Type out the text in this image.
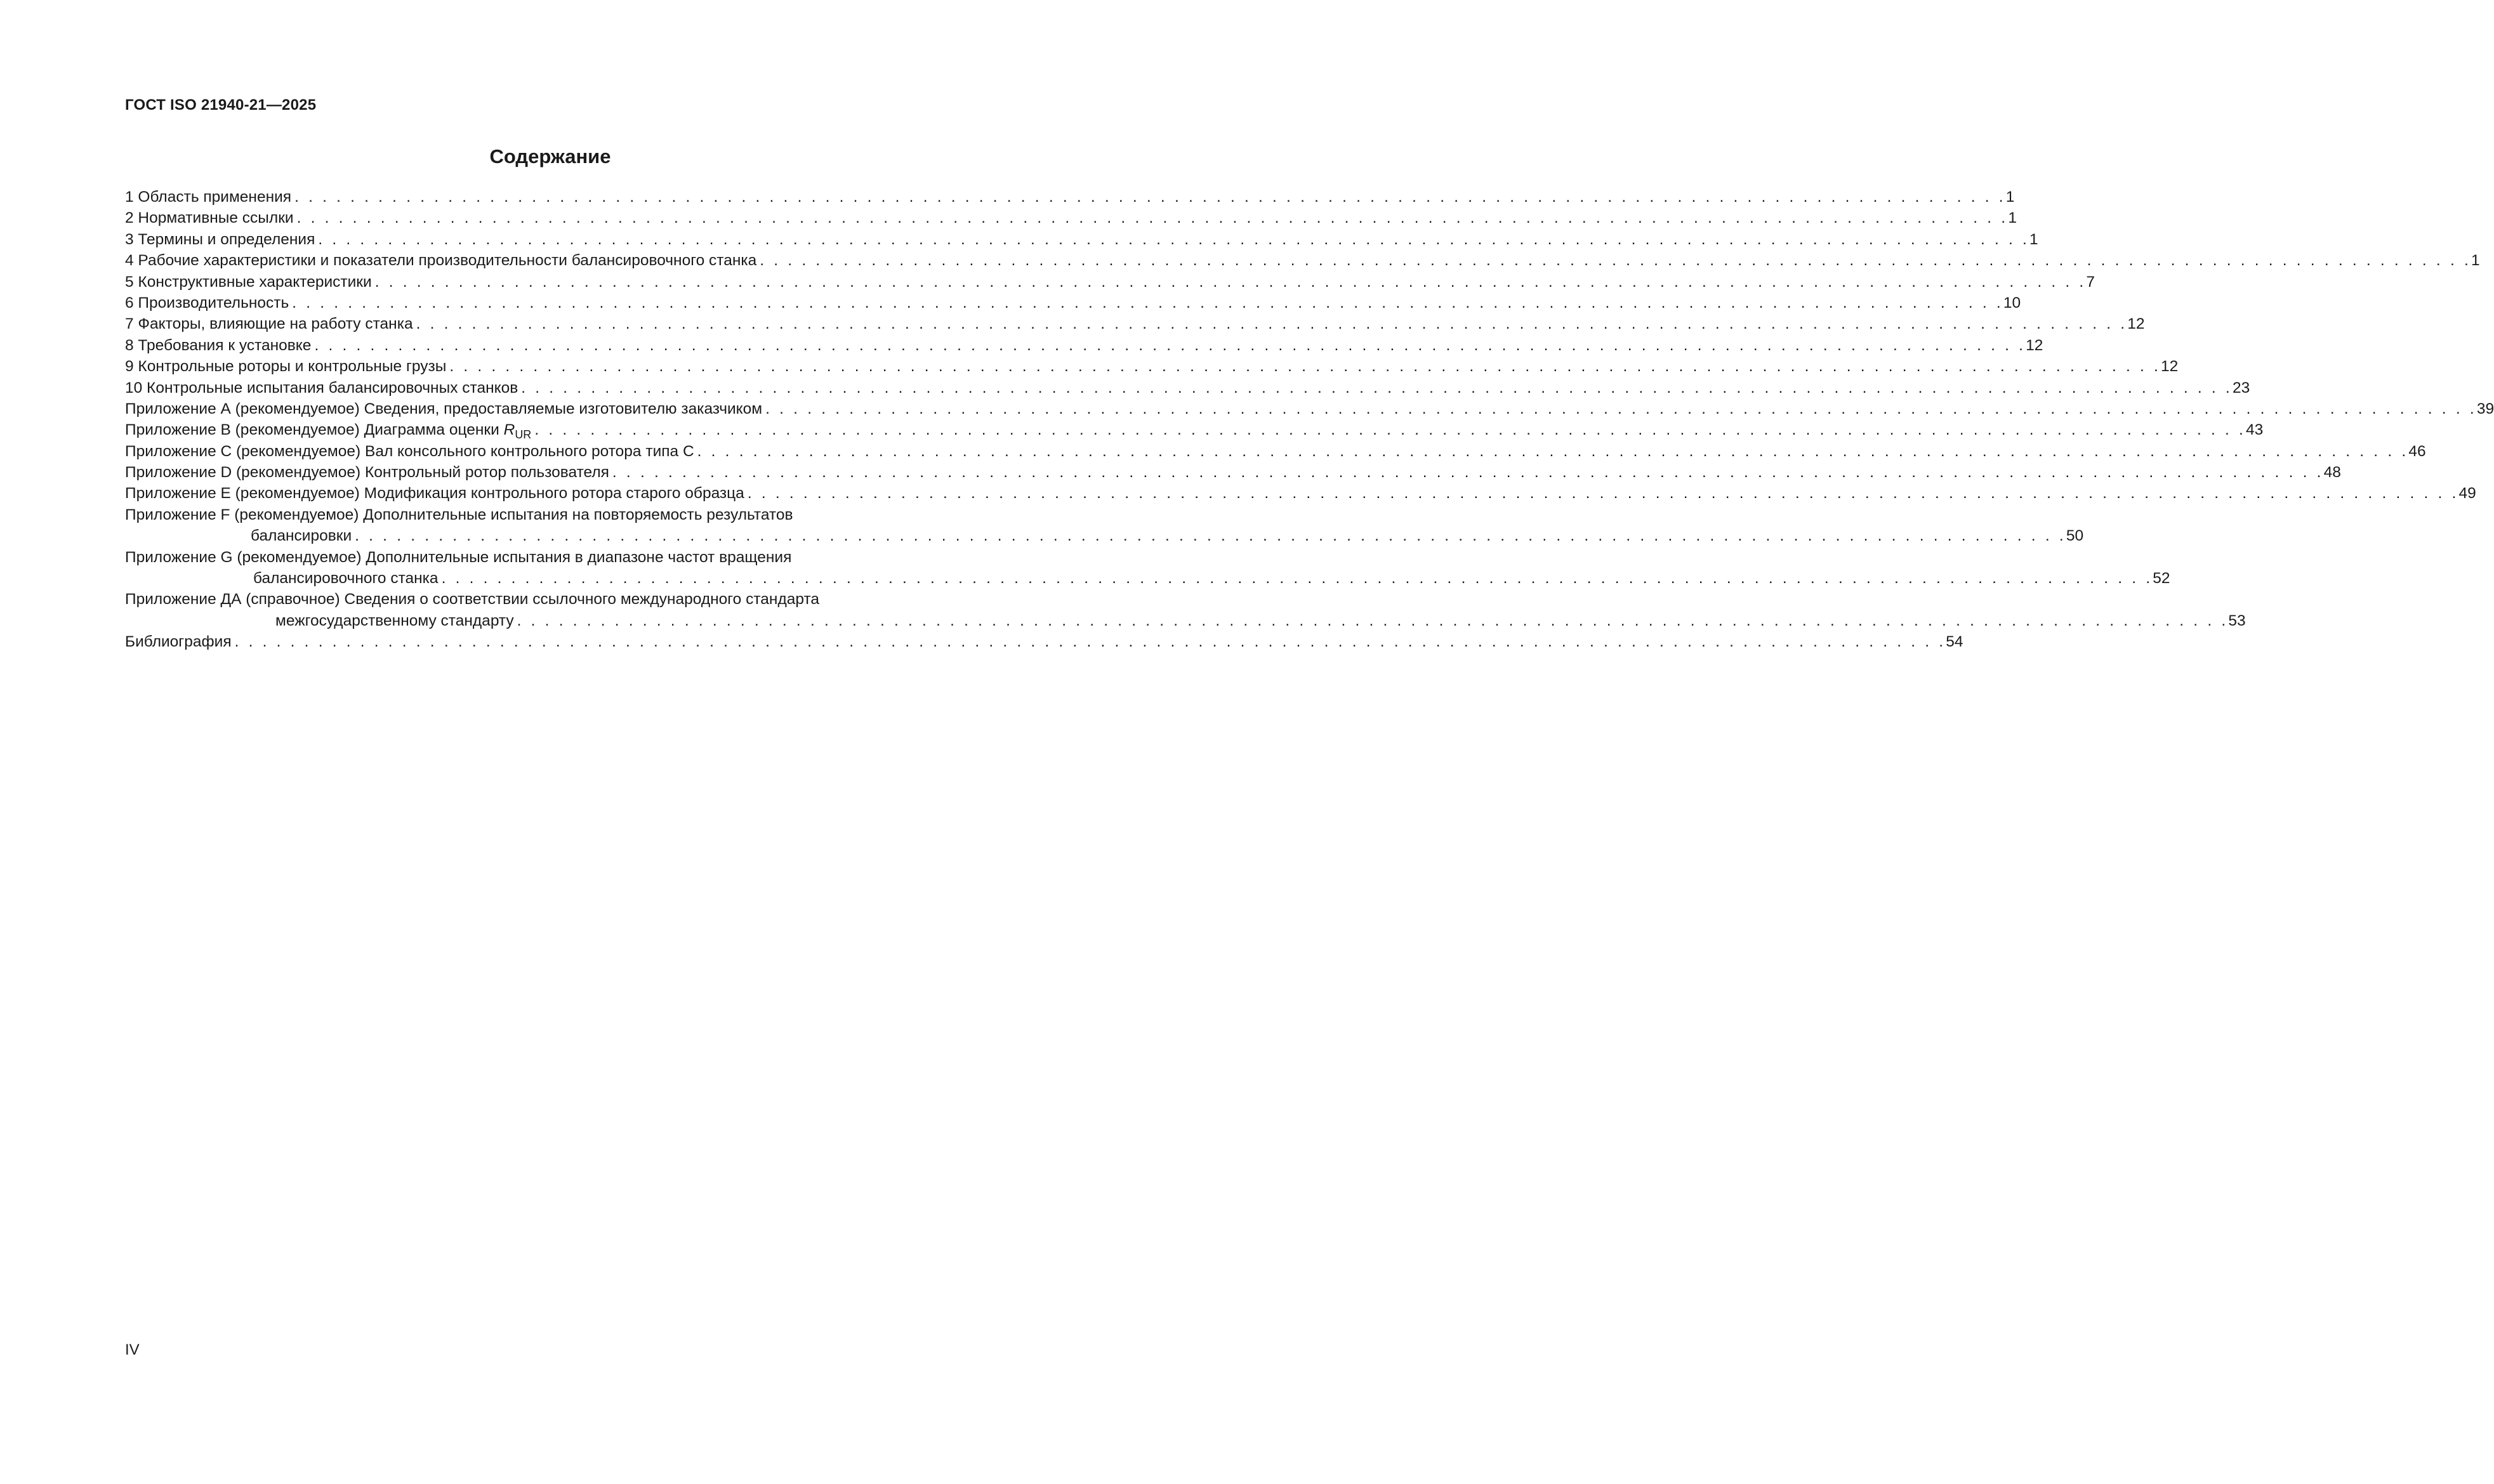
ГОСТ ISO 21940-21—2025
Содержание
1 Область применения . . . . . . . . . . . . . . . . . . . . . . . . . . . . . . . . . . . . . . . . . . . . . . . . . . . . . . . . . . . . . . . . . . . . . . . . . . . . . . . . . . . . . . . . . . . . . . . . . . . . . . . . . . . . . . . . . . . . . . . . . . . 1
2 Нормативные ссылки . . . . . . . . . . . . . . . . . . . . . . . . . . . . . . . . . . . . . . . . . . . . . . . . . . . . . . . . . . . . . . . . . . . . . . . . . . . . . . . . . . . . . . . . . . . . . . . . . . . . . . . . . . . . . . . . . . . . . . . . . . . 1
3 Термины и определения . . . . . . . . . . . . . . . . . . . . . . . . . . . . . . . . . . . . . . . . . . . . . . . . . . . . . . . . . . . . . . . . . . . . . . . . . . . . . . . . . . . . . . . . . . . . . . . . . . . . . . . . . . . . . . . . . . . . . . . . . . . 1
4 Рабочие характеристики и показатели производительности балансировочного станка . . . . . . . . . . . . . . . . . . . . . . . . . . . . . . . . . . . . . . . . . . . . . . . . . . . . . . . . . . . . . . . . . . . . . . . . . . . . . . . . . . . . . . . . . . . . . . . . . . . . . . . . . . . . . . . . . . . . . . . . . . . 1
5 Конструктивные характеристики . . . . . . . . . . . . . . . . . . . . . . . . . . . . . . . . . . . . . . . . . . . . . . . . . . . . . . . . . . . . . . . . . . . . . . . . . . . . . . . . . . . . . . . . . . . . . . . . . . . . . . . . . . . . . . . . . . . . . . . . . . . 7
6 Производительность . . . . . . . . . . . . . . . . . . . . . . . . . . . . . . . . . . . . . . . . . . . . . . . . . . . . . . . . . . . . . . . . . . . . . . . . . . . . . . . . . . . . . . . . . . . . . . . . . . . . . . . . . . . . . . . . . . . . . . . . . . . 10
7 Факторы, влияющие на работу станка . . . . . . . . . . . . . . . . . . . . . . . . . . . . . . . . . . . . . . . . . . . . . . . . . . . . . . . . . . . . . . . . . . . . . . . . . . . . . . . . . . . . . . . . . . . . . . . . . . . . . . . . . . . . . . . . . . . . . . . . . . . 12
8 Требования к установке . . . . . . . . . . . . . . . . . . . . . . . . . . . . . . . . . . . . . . . . . . . . . . . . . . . . . . . . . . . . . . . . . . . . . . . . . . . . . . . . . . . . . . . . . . . . . . . . . . . . . . . . . . . . . . . . . . . . . . . . . . . 12
9 Контрольные роторы и контрольные грузы . . . . . . . . . . . . . . . . . . . . . . . . . . . . . . . . . . . . . . . . . . . . . . . . . . . . . . . . . . . . . . . . . . . . . . . . . . . . . . . . . . . . . . . . . . . . . . . . . . . . . . . . . . . . . . . . . . . . . . . . . . . 12
10 Контрольные испытания балансировочных станков . . . . . . . . . . . . . . . . . . . . . . . . . . . . . . . . . . . . . . . . . . . . . . . . . . . . . . . . . . . . . . . . . . . . . . . . . . . . . . . . . . . . . . . . . . . . . . . . . . . . . . . . . . . . . . . . . . . . . . . . . . . 23
Приложение А (рекомендуемое) Сведения, предоставляемые изготовителю заказчиком . . . . . . . . . . . . . . . . . . . . . . . . . . . . . . . . . . . . . . . . . . . . . . . . . . . . . . . . . . . . . . . . . . . . . . . . . . . . . . . . . . . . . . . . . . . . . . . . . . . . . . . . . . . . . . . . . . . . . . . . . . . 39
Приложение В (рекомендуемое) Диаграмма оценки $R_{UR}$ . . . . . . . . . . . . . . . . . . . . . . . . . . . . . . . . . . . . . . . . . . . . . . . . . . . . . . . . . . . . . . . . . . . . . . . . . . . . . . . . . . . . . . . . . . . . . . . . . . . . . . . . . . . . . . . . . . . . . . . . . . . 43
Приложение С (рекомендуемое) Вал консольного контрольного ротора типа С . . . . . . . . . . . . . . . . . . . . . . . . . . . . . . . . . . . . . . . . . . . . . . . . . . . . . . . . . . . . . . . . . . . . . . . . . . . . . . . . . . . . . . . . . . . . . . . . . . . . . . . . . . . . . . . . . . . . . . . . . . . 46
Приложение D (рекомендуемое) Контрольный ротор пользователя . . . . . . . . . . . . . . . . . . . . . . . . . . . . . . . . . . . . . . . . . . . . . . . . . . . . . . . . . . . . . . . . . . . . . . . . . . . . . . . . . . . . . . . . . . . . . . . . . . . . . . . . . . . . . . . . . . . . . . . . . . . 48
Приложение Е (рекомендуемое) Модификация контрольного ротора старого образца . . . . . . . . . . . . . . . . . . . . . . . . . . . . . . . . . . . . . . . . . . . . . . . . . . . . . . . . . . . . . . . . . . . . . . . . . . . . . . . . . . . . . . . . . . . . . . . . . . . . . . . . . . . . . . . . . . . . . . . . . . . 49
Приложение F (рекомендуемое) Дополнительные испытания на повторяемость результатов
балансировки . . . . . . . . . . . . . . . . . . . . . . . . . . . . . . . . . . . . . . . . . . . . . . . . . . . . . . . . . . . . . . . . . . . . . . . . . . . . . . . . . . . . . . . . . . . . . . . . . . . . . . . . . . . . . . . . . . . . . . . . . . . 50
Приложение G (рекомендуемое) Дополнительные испытания в диапазоне частот вращения
балансировочного станка . . . . . . . . . . . . . . . . . . . . . . . . . . . . . . . . . . . . . . . . . . . . . . . . . . . . . . . . . . . . . . . . . . . . . . . . . . . . . . . . . . . . . . . . . . . . . . . . . . . . . . . . . . . . . . . . . . . . . . . . . . . 52
Приложение ДА (справочное) Сведения о соответствии ссылочного международного стандарта
межгосударственному стандарту . . . . . . . . . . . . . . . . . . . . . . . . . . . . . . . . . . . . . . . . . . . . . . . . . . . . . . . . . . . . . . . . . . . . . . . . . . . . . . . . . . . . . . . . . . . . . . . . . . . . . . . . . . . . . . . . . . . . . . . . . . . 53
Библиография . . . . . . . . . . . . . . . . . . . . . . . . . . . . . . . . . . . . . . . . . . . . . . . . . . . . . . . . . . . . . . . . . . . . . . . . . . . . . . . . . . . . . . . . . . . . . . . . . . . . . . . . . . . . . . . . . . . . . . . . . . . 54
IV
